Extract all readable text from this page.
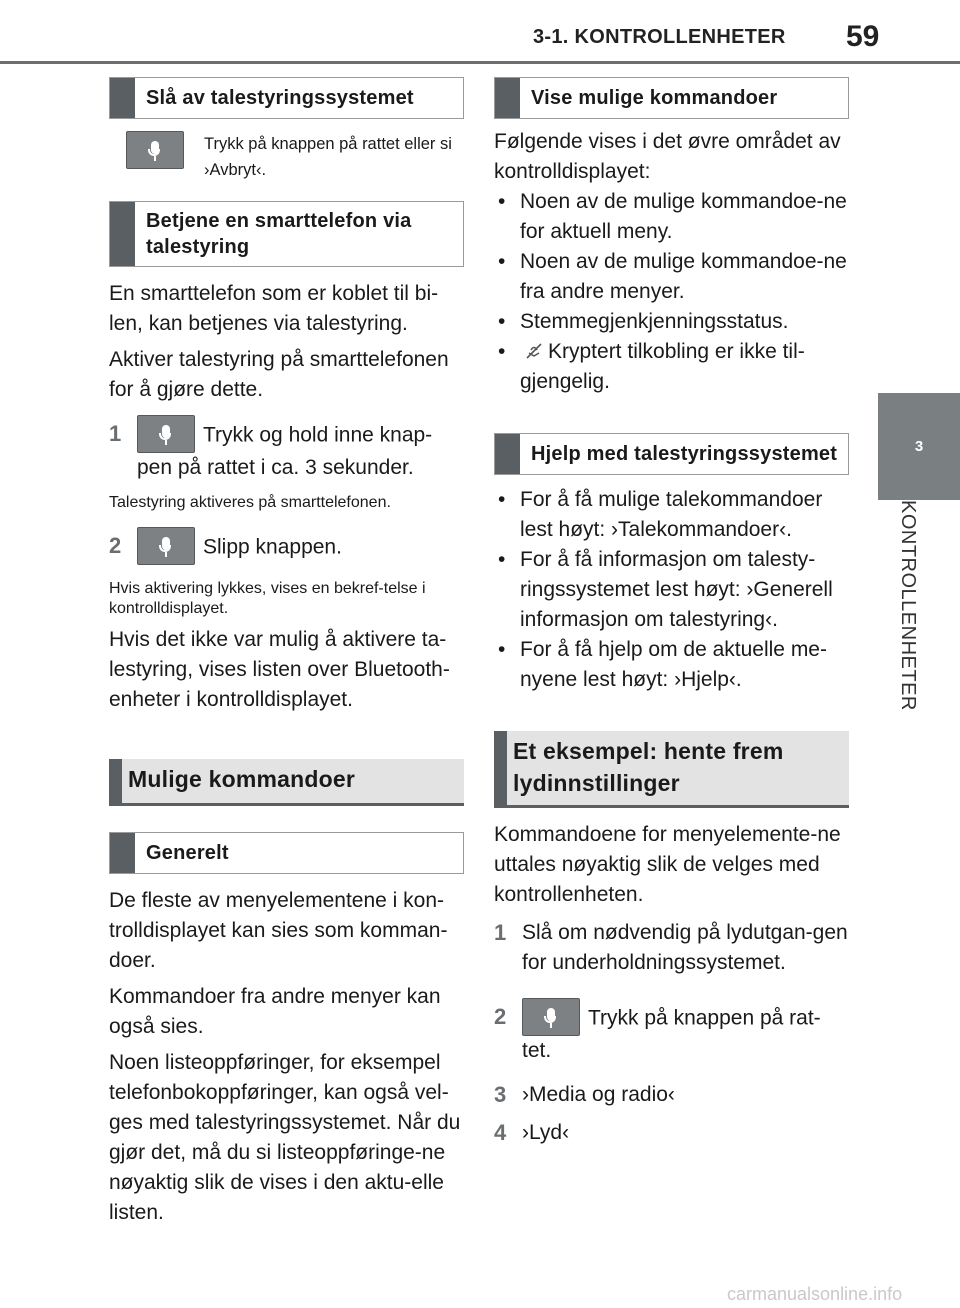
3-1. KONTROLLENHETER 59
3
KONTROLLENHETER
Slå av talestyringssystemet

Trykk på knappen på rattet eller si ›Avbryt‹.

Betjene en smarttelefon via talestyring

En smarttelefon som er koblet til bi-len, kan betjenes via talestyring.

Aktiver talestyring på smarttelefonen for å gjøre dette.

1	Trykk og hold inne knap-pen på rattet i ca. 3 sekunder.

Talestyring aktiveres på smarttelefonen.

2	Slipp knappen.

Hvis aktivering lykkes, vises en bekref-telse i kontrolldisplayet.

Hvis det ikke var mulig å aktivere ta-lestyring, vises listen over Bluetooth-enheter i kontrolldisplayet.

Mulige kommandoer
Generelt

De fleste av menyelementene i kon-trolldisplayet kan sies som komman-doer.

Kommandoer fra andre menyer kan også sies.

Noen listeoppføringer, for eksempel telefonbokoppføringer, kan også vel-ges med talestyringssystemet. Når du gjør det, må du si listeoppføringe-ne nøyaktig slik de vises i den aktu-elle listen.

Vise mulige kommandoer

Følgende vises i det øvre området av kontrolldisplayet:

• Noen av de mulige kommandoe-ne for aktuell meny.
• Noen av de mulige kommandoe-ne fra andre menyer.
• Stemmegjenkjenningsstatus.
• Kryptert tilkobling er ikke til-gjengelig.
Hjelp med talestyringssystemet
• For å få mulige talekommandoer lest høyt: ›Talekommandoer‹.
• For å få informasjon om talesty-ringssystemet lest høyt: ›Generell informasjon om talestyring‹.
• For å få hjelp om de aktuelle me-nyene lest høyt: ›Hjelp‹.
Et eksempel: hente frem lydinnstillinger

Kommandoene for menyelemente-ne uttales nøyaktig slik de velges med kontrollenheten.

1 Slå om nødvendig på lydutgan-gen for underholdningssystemet.
2	Trykk på knappen på rat-tet.
3 ›Media og radio‹
4 ›Lyd‹
carmanualsonline.info
